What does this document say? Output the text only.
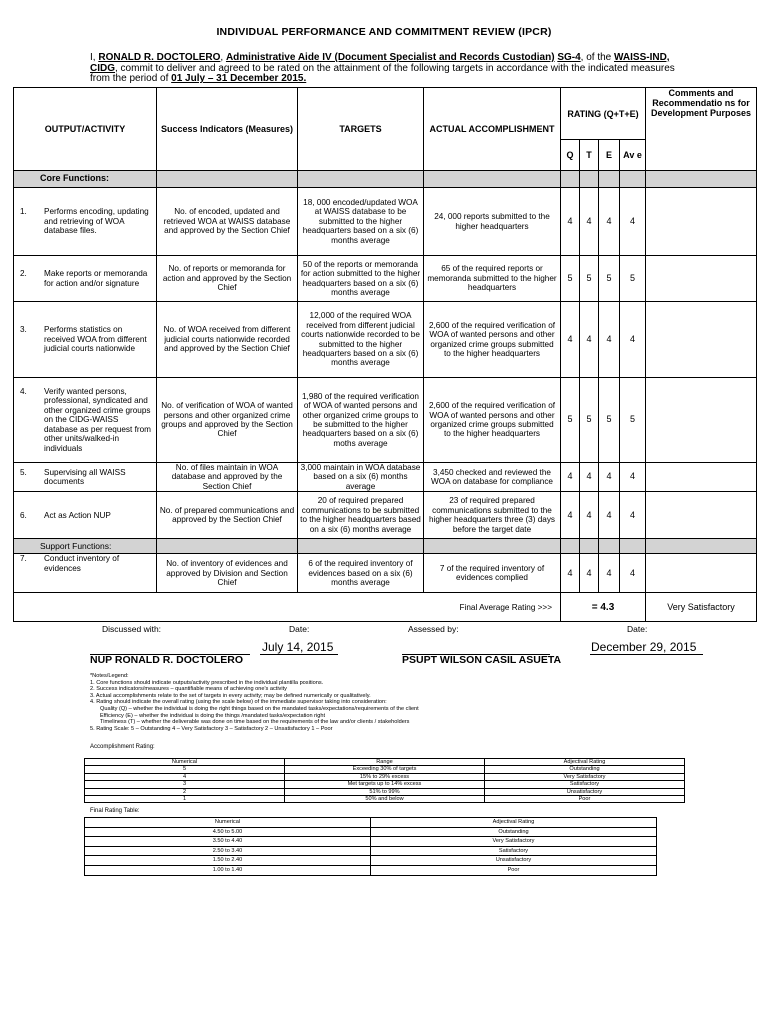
INDIVIDUAL PERFORMANCE AND COMMITMENT REVIEW (IPCR)
I, RONALD R. DOCTOLERO, Administrative Aide IV (Document Specialist and Records Custodian) SG-4, of the WAISS-IND, CIDG, commit to deliver and agreed to be rated on the attainment of the following targets in accordance with the indicated measures from the period of 01 July – 31 December 2015.
OUTPUT/ACTIVITY	Success Indicators (Measures)	TARGETS	ACTUAL ACCOMPLISHMENT	RATING (Q+T+E)				Comments and Recommendatio ns for Development Purposes
				Q	T	E	Av e	
Core Functions:								

1. Performs encoding, updating and retrieving of WOA database files.	No. of encoded, updated and retrieved WOA at WAISS database and approved by the Section Chief	18, 000 encoded/updated WOA at WAISS database to be submitted to the higher headquarters based on a six (6) months average	24, 000 reports submitted to the higher headquarters	4	4	4	4	

2. Make reports or memoranda for action and/or signature	No. of reports or memoranda for action and approved by the Section Chief	50 of the reports or memoranda for action submitted to the higher headquarters based on a six (6) months average	65 of the required reports or memoranda submitted to the higher headquarters	5	5	5	5	

3. Performs statistics on received WOA from different judicial courts nationwide	No. of WOA received from different judicial courts nationwide recorded and approved by the Section Chief	12,000 of the required WOA received from different judicial courts nationwide recorded to be submitted to the higher headquarters based on a six (6) months average	2,600 of the required verification of WOA of wanted persons and other organized crime groups submitted to the higher headquarters	4	4	4	4	

4. Verify wanted persons, professional, syndicated and other organized crime groups on the CIDG-WAISS database as per request from other units/walked-in individuals	No. of verification of WOA of wanted persons and other organized crime groups and approved by the Section Chief	1,980 of the required verification of WOA of wanted persons and other organized crime groups to be submitted to the higher headquarters based on a six (6) moths average	2,600 of the required verification of WOA of wanted persons and other organized crime groups submitted to the higher headquarters	5	5	5	5	

5. Supervising all WAISS documents	No. of files maintain in WOA database and approved by the Section Chief	3,000 maintain in WOA database based on a six (6) months average	3,450 checked and reviewed the WOA on database for compliance	4	4	4	4	

6. Act as Action NUP	No. of prepared communications and approved by the Section Chief	20 of required prepared communications to be submitted to the higher headquarters based on a six (6) months average	23 of required prepared communications submitted to the higher headquarters three (3) days before the target date	4	4	4	4	
Support Functions:								

7. Conduct inventory of evidences	No. of inventory of evidences and approved by Division and Section Chief	6 of the required inventory of evidences based on a six (6) months average	7 of the required inventory of evidences complied	4	4	4	4	
Final Average Rating >>>				= 4.3				Very Satisfactory
Discussed with:	Date:	Assessed by:	Date:
July 14, 2015	December 29, 2015
NUP RONALD R. DOCTOLERO	PSUPT WILSON CASIL ASUETA
*Notes/Legend:
1. Core functions should indicate outputs/activity prescribed in the individual plantilla positions.
2. Success indicators/measures – quantifiable means of achieving one's activity
3. Actual accomplishments relate to the set of targets in every activity; may be defined numerically or qualitatively.
4. Rating should indicate the overall rating (using the scale below) of the immediate supervisor taking into consideration:
Quality (Q) – whether the individual is doing the right things based on the mandated tasks/expectations/requirements of the client
Efficiency (E) – whether the individual is doing the things /mandated tasks/expectation right
Timeliness (T) – whether the deliverable was done on time based on the requirements of the law and/or clients / stakeholders
5. Rating Scale: 5 – Outstanding 4 – Very Satisfactory 3 – Satisfactory 2 – Unsatisfactory 1 – Poor
Accomplishment Rating:
Numerical	Range	Adjectival Rating
5	Exceeding 30% of targets	Outstanding
4	15% to 29% excess	Very Satisfactory
3	Met targets up to 14% excess	Satisfactory
2	51% to 99%	Unsatisfactory
1	50% and below	Poor
Final Rating Table:
Numerical	Adjectival Rating
4.50 to 5.00	Outstanding
3.50 to 4.40	Very Satisfactory
2.50 to 3.40	Satisfactory
1.50 to 2.40	Unsatisfactory
1.00 to 1.40	Poor
